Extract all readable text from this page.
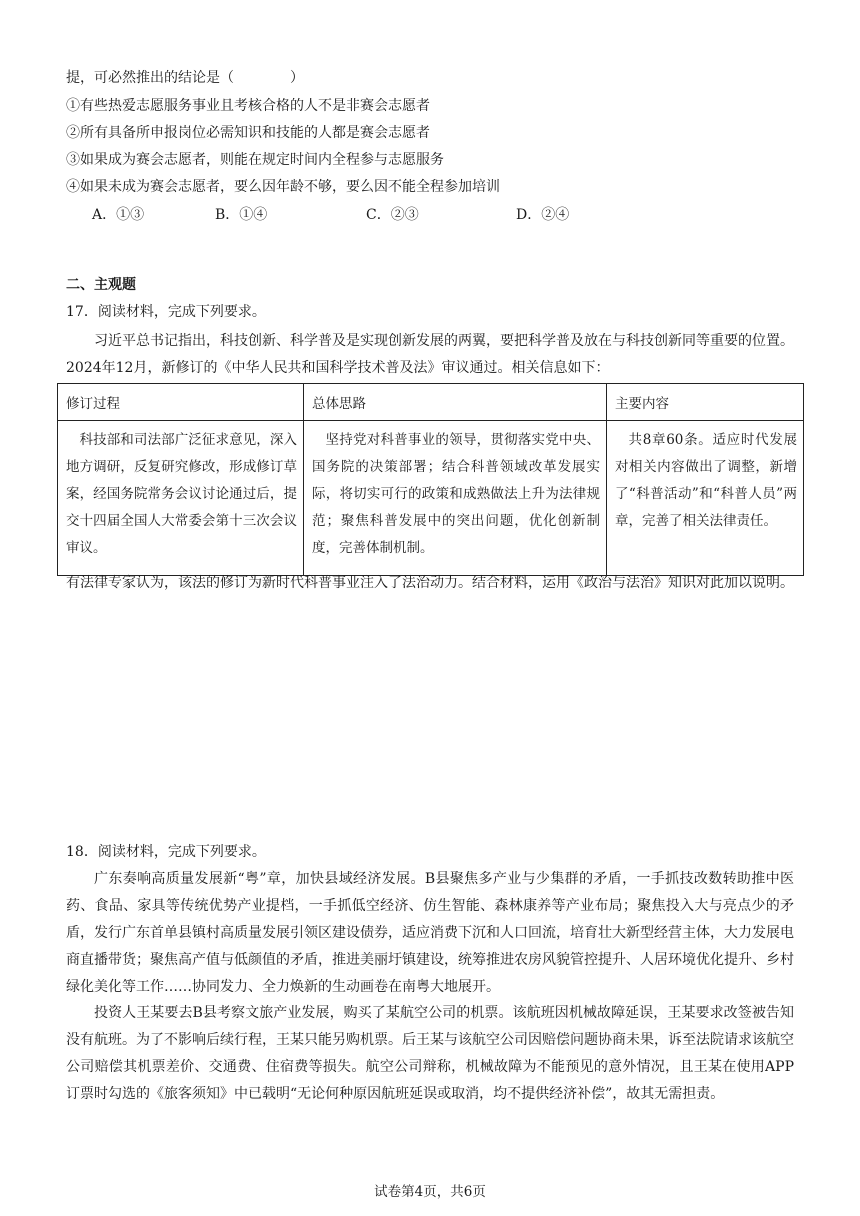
提，可必然推出的结论是（　　　　）
①有些热爱志愿服务事业且考核合格的人不是非赛会志愿者
②所有具备所申报岗位必需知识和技能的人都是赛会志愿者
③如果成为赛会志愿者，则能在规定时间内全程参与志愿服务
④如果未成为赛会志愿者，要么因年龄不够，要么因不能全程参加培训
A．①③	B．①④	C．②③	D．②④
二、主观题
17．阅读材料，完成下列要求。
习近平总书记指出，科技创新、科学普及是实现创新发展的两翼，要把科学普及放在与科技创新同等重要的位置。2024年12月，新修订的《中华人民共和国科学技术普及法》审议通过。相关信息如下：
修订过程	总体思路	主要内容

科技部和司法部广泛征求意见，深入地方调研，反复研究修改，形成修订草案，经国务院常务会议讨论通过后，提交十四届全国人大常委会第十三次会议审议。	坚持党对科普事业的领导，贯彻落实党中央、国务院的决策部署；结合科普领域改革发展实际，将切实可行的政策和成熟做法上升为法律规范；聚焦科普发展中的突出问题，优化创新制度，完善体制机制。	共8章60条。适应时代发展对相关内容做出了调整，新增了“科普活动”和“科普人员”两章，完善了相关法律责任。
有法律专家认为，该法的修订为新时代科普事业注入了法治动力。结合材料，运用《政治与法治》知识对此加以说明。
18．阅读材料，完成下列要求。
广东奏响高质量发展新“粤”章，加快县域经济发展。B县聚焦多产业与少集群的矛盾，一手抓技改数转助推中医药、食品、家具等传统优势产业提档，一手抓低空经济、仿生智能、森林康养等产业布局；聚焦投入大与亮点少的矛盾，发行广东首单县镇村高质量发展引领区建设债券，适应消费下沉和人口回流，培育壮大新型经营主体，大力发展电商直播带货；聚焦高产值与低颜值的矛盾，推进美丽圩镇建设，统筹推进农房风貌管控提升、人居环境优化提升、乡村绿化美化等工作……协同发力、全力焕新的生动画卷在南粤大地展开。
投资人王某要去B县考察文旅产业发展，购买了某航空公司的机票。该航班因机械故障延误，王某要求改签被告知没有航班。为了不影响后续行程，王某只能另购机票。后王某与该航空公司因赔偿问题协商未果，诉至法院请求该航空公司赔偿其机票差价、交通费、住宿费等损失。航空公司辩称，机械故障为不能预见的意外情况，且王某在使用APP订票时勾选的《旅客须知》中已载明“无论何种原因航班延误或取消，均不提供经济补偿”，故其无需担责。
试卷第4页，共6页
